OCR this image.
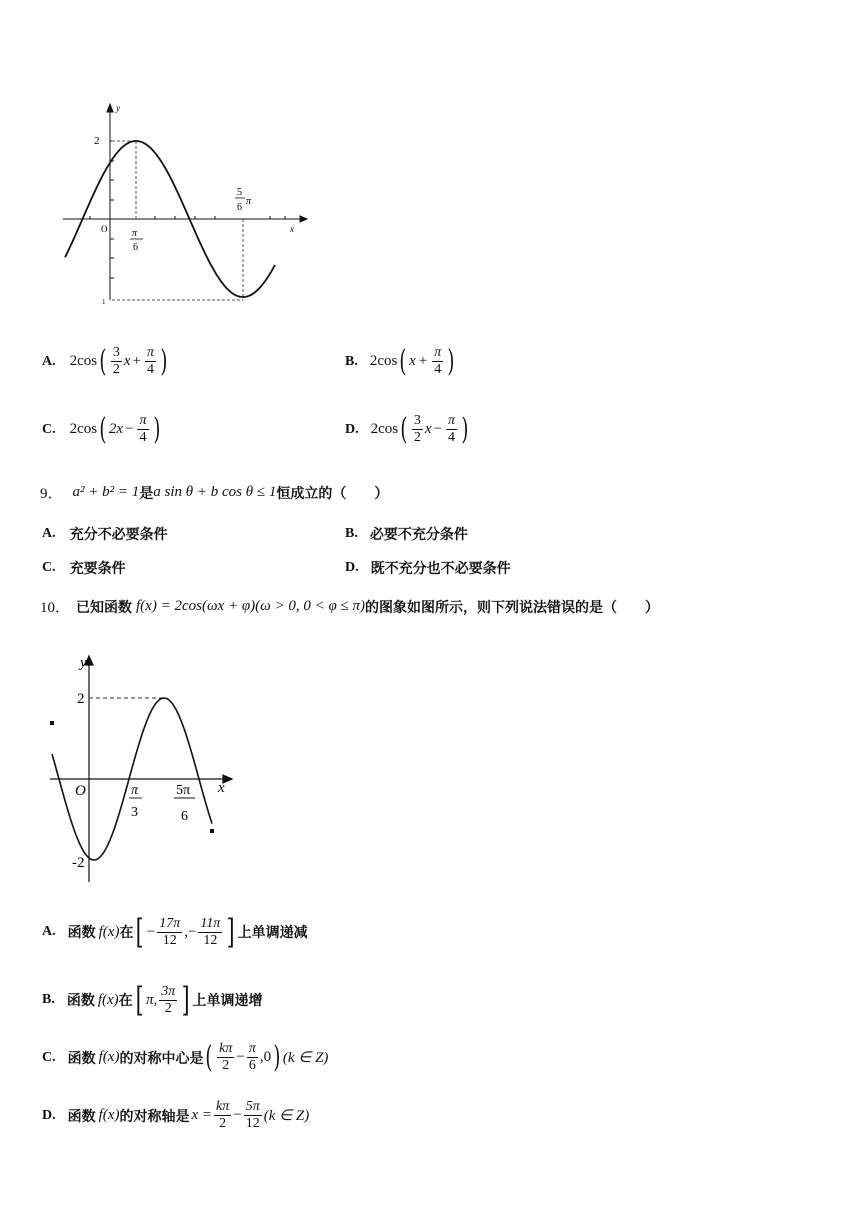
y
x
O
2
1
π
6
5
6
π
A. 2cos ( $\frac{3}{2}$ $x + \frac{\pi}{4}$ )	B. 2cos ( $x + \frac{\pi}{4}$ )
C. 2cos ( $2x - \frac{\pi}{4}$ )	D. 2cos ( $\frac{3}{2}$ $x - \frac{\pi}{4}$ )
9． a² + b² = 1 是 a sin θ + b cos θ ≤ 1 恒成立的（　　）
A. 充分不必要条件	B. 必要不充分条件
C. 充要条件	D. 既不充分也不必要条件
10． 已知函数 f(x) = 2cos(ωx + φ)(ω > 0, 0 < φ ≤ π) 的图象如图所示，则下列说法错误的是（　　）
y
x
O
2
-2
π
3
5π
6
A. 函数 f(x) 在 [ − $\frac{17\pi}{12}$ ,− $\frac{11\pi}{12}$ ] 上单调递减
B. 函数 f(x) 在 [ π, $\frac{3\pi}{2}$ ] 上单调递增
C. 函数 f(x) 的对称中心是 ( $\frac{k\pi}{2} - \frac{\pi}{6} ,0$ ) (k ∈ Z)
D. 函数 f(x) 的对称轴是 $x = \frac{k\pi}{2} - \frac{5\pi}{12} (k$ ∈ Z)
